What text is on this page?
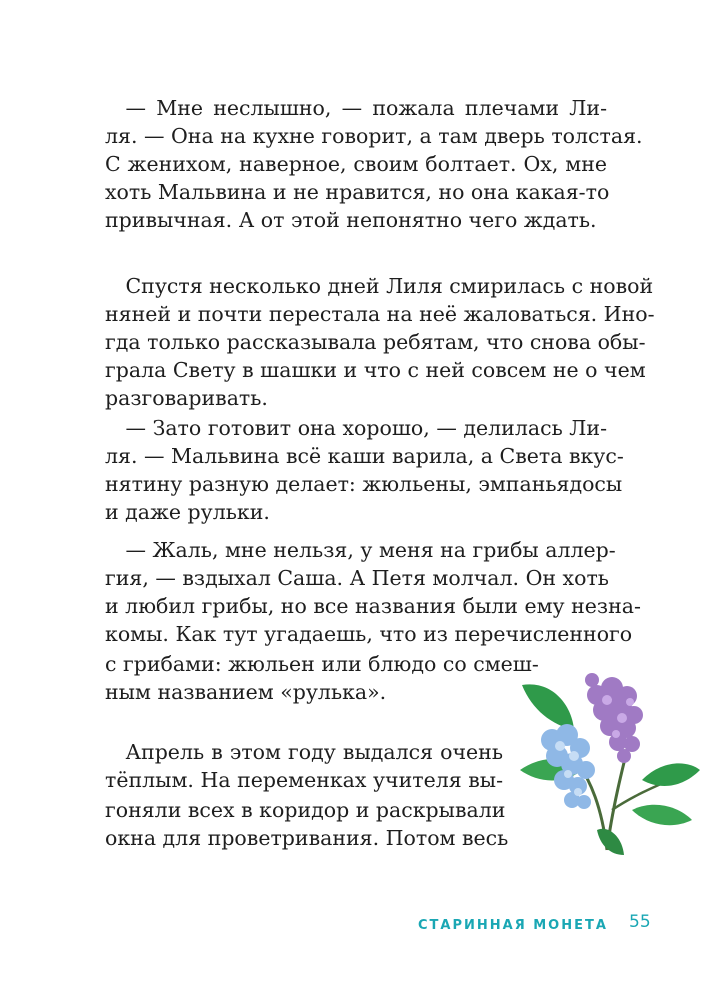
 — Мне неслышно, — пожала плечами Ли-
ля. — Она на кухне говорит, а там дверь толстая.
С женихом, наверное, своим болтает. Ох, мне
хоть Мальвина и не нравится, но она какая-то
привычная. А от этой непонятно чего ждать.
 Спустя несколько дней Лиля смирилась с новой
няней и почти перестала на неё жаловаться. Ино-
гда только рассказывала ребятам, что снова обы-
грала Свету в шашки и что с ней совсем не о чем
разговаривать.
 — Зато готовит она хорошо, — делилась Ли-
ля. — Мальвина всё каши варила, а Света вкус-
нятину разную делает: жюльены, эмпаньядосы
и даже рульки.
 — Жаль, мне нельзя, у меня на грибы аллер-
гия, — вздыхал Саша. А Петя молчал. Он хоть
и любил грибы, но все названия были ему незна-
комы. Как тут угадаешь, что из перечисленного
с грибами: жюльен или блюдо со смеш-
ным названием «рулька».
 Апрель в этом году выдался очень
тёплым. На переменках учителя вы-
гоняли всех в коридор и раскрывали
окна для проветривания. Потом весь
СТАРИННАЯ МОНЕТА 55
